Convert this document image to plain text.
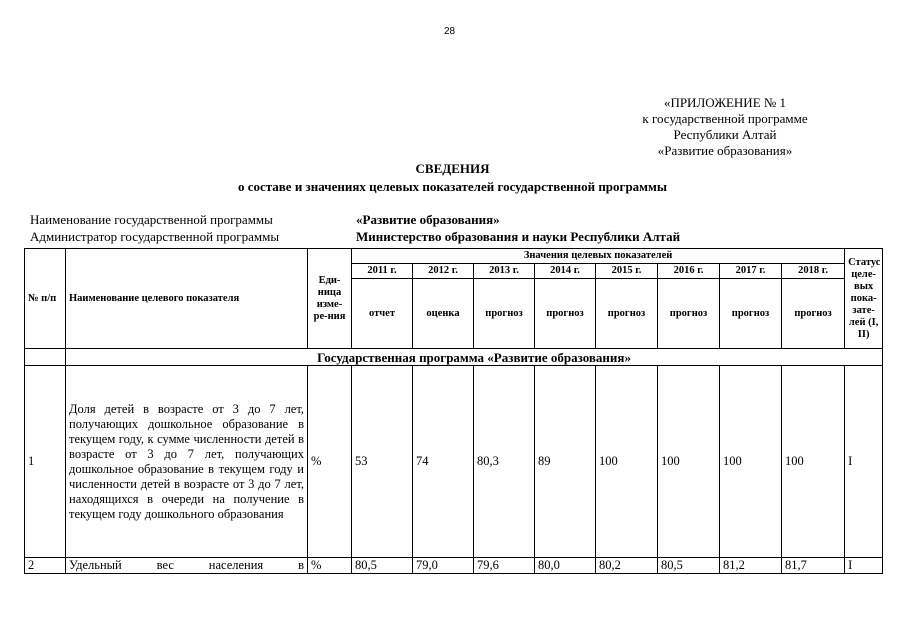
28
«ПРИЛОЖЕНИЕ № 1
к государственной программе
Республики Алтай
«Развитие образования»
СВЕДЕНИЯ
о составе и значениях целевых показателей государственной программы
Наименование государственной программы	«Развитие образования»
Администратор государственной программы	Министерство образования и науки Республики Алтай
№ п/п	Наименование целевого показателя	Еди-ница изме-ре-ния	Значения целевых показателей								Статус целе-вых пока-зате-лей (I, II)
			2011 г.	2012 г.	2013 г.	2014 г.	2015 г.	2016 г.	2017 г.	2018 г.	
			отчет	оценка	прогноз	прогноз	прогноз	прогноз	прогноз	прогноз	
	Государственная программа «Развитие образования»										
1	Доля детей в возрасте от 3 до 7 лет, получающих дошкольное образование в текущем году, к сумме численности детей в возрасте от 3 до 7 лет, получающих дошкольное образование в текущем году и численности детей в возрасте от 3 до 7 лет, находящихся в очереди на получение в текущем году дошкольного образования	%	53	74	80,3	89	100	100	100	100	I
2	Удельный вес населения в	%	80,5	79,0	79,6	80,0	80,2	80,5	81,2	81,7	I
